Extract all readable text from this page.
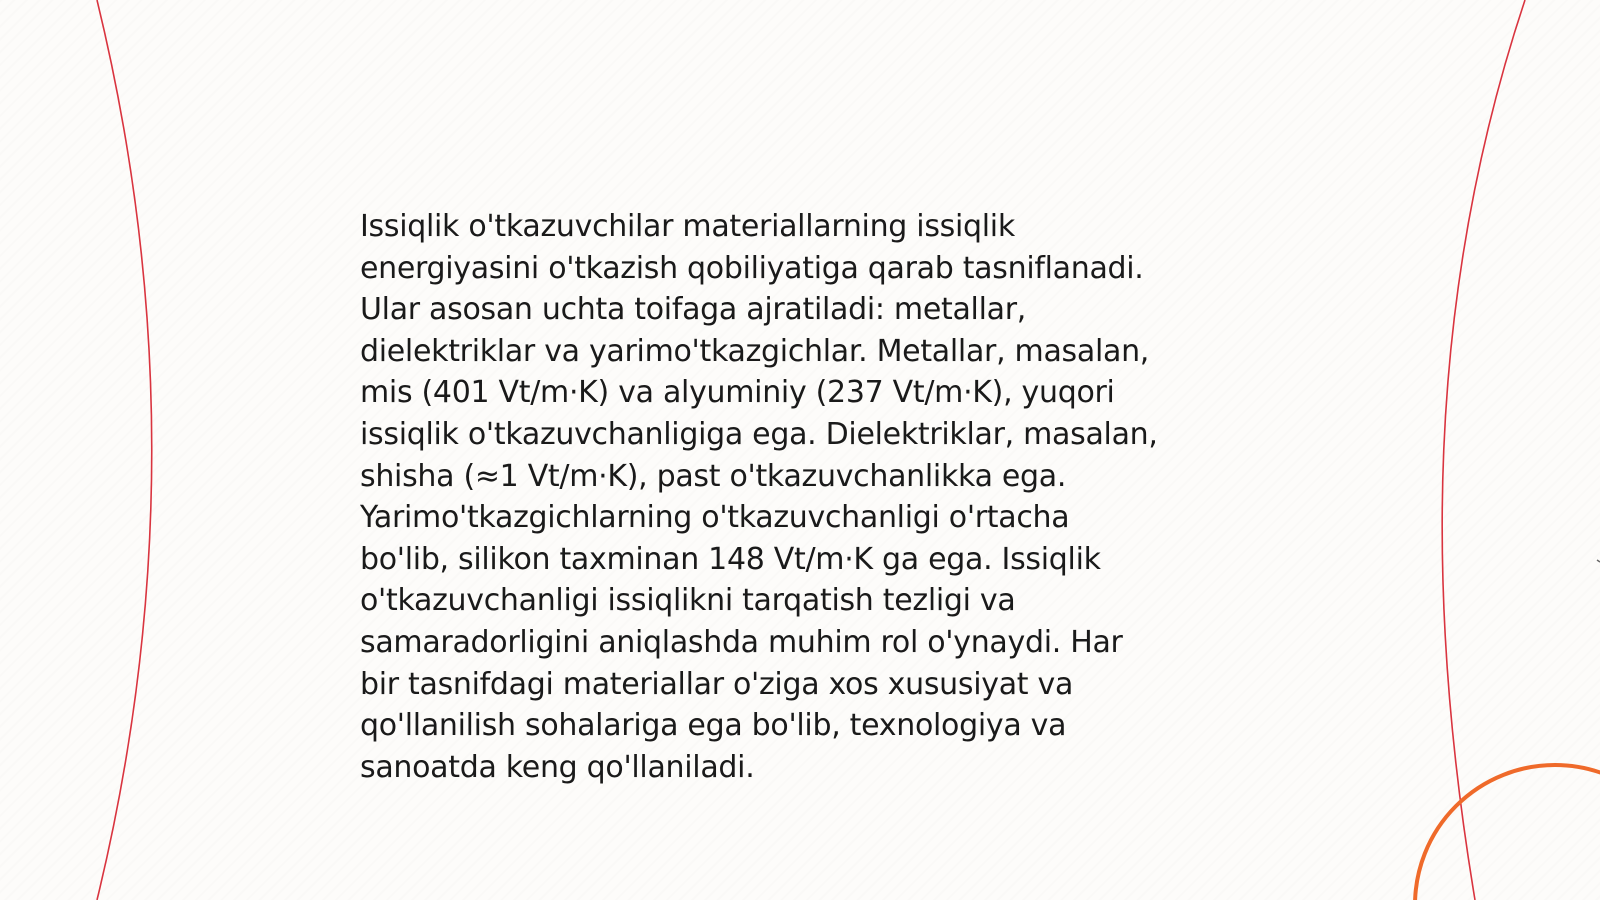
Issiqlik o'tkazuvchilar materiallarning issiqlik
energiyasini o'tkazish qobiliyatiga qarab tasniflanadi.
Ular asosan uchta toifaga ajratiladi: metallar,
dielektriklar va yarimo'tkazgichlar. Metallar, masalan,
mis (401 Vt/m·K) va alyuminiy (237 Vt/m·K), yuqori
issiqlik o'tkazuvchanligiga ega. Dielektriklar, masalan,
shisha (≈1 Vt/m·K), past o'tkazuvchanlikka ega.
Yarimo'tkazgichlarning o'tkazuvchanligi o'rtacha
bo'lib, silikon taxminan 148 Vt/m·K ga ega. Issiqlik
o'tkazuvchanligi issiqlikni tarqatish tezligi va
samaradorligini aniqlashda muhim rol o'ynaydi. Har
bir tasnifdagi materiallar o'ziga xos xususiyat va
qo'llanilish sohalariga ega bo'lib, texnologiya va
sanoatda keng qo'llaniladi.
